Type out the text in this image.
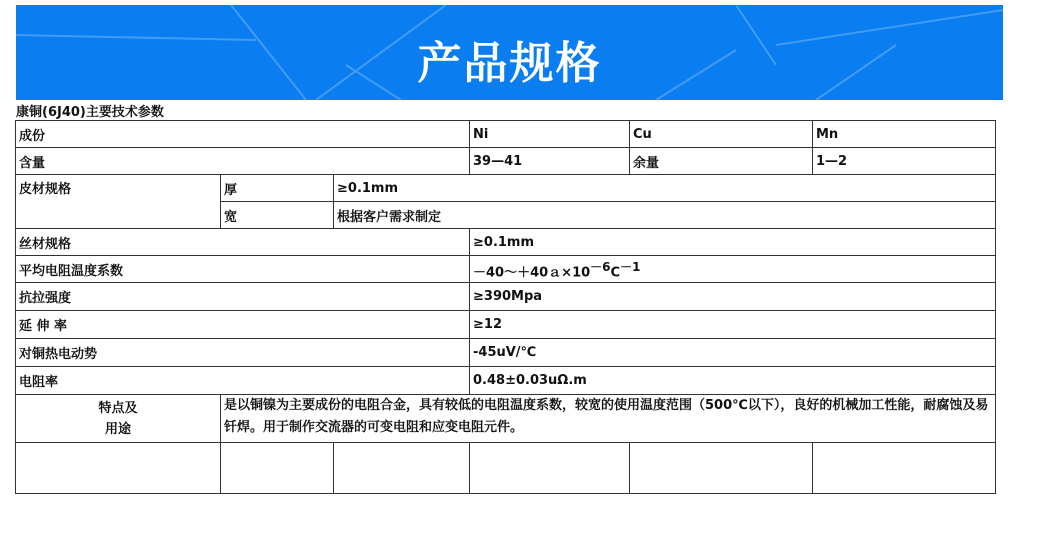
产品规格
康铜(6J40)主要技术参数
成份			Ni	Cu	Mn
含量			39—41	余量	1—2
皮材规格	厚	≥0.1mm			
	宽	根据客户需求制定			
丝材规格			≥0.1mm		
平均电阻温度系数			$-40\sim+40a\times 10^{-6}C^{-1}$
抗拉强度			≥390Mpa		
延 伸 率			≥12		
对铜热电动势			-45uV/℃		
电阻率			0.48±0.03uΩ.m		

特点及
用途	是以铜镍为主要成份的电阻合金，具有较低的电阻温度系数，较宽的使用温度范围（500℃以下），良好的机械加工性能，耐腐蚀及易钎焊。用于制作交流器的可变电阻和应变电阻元件。				
